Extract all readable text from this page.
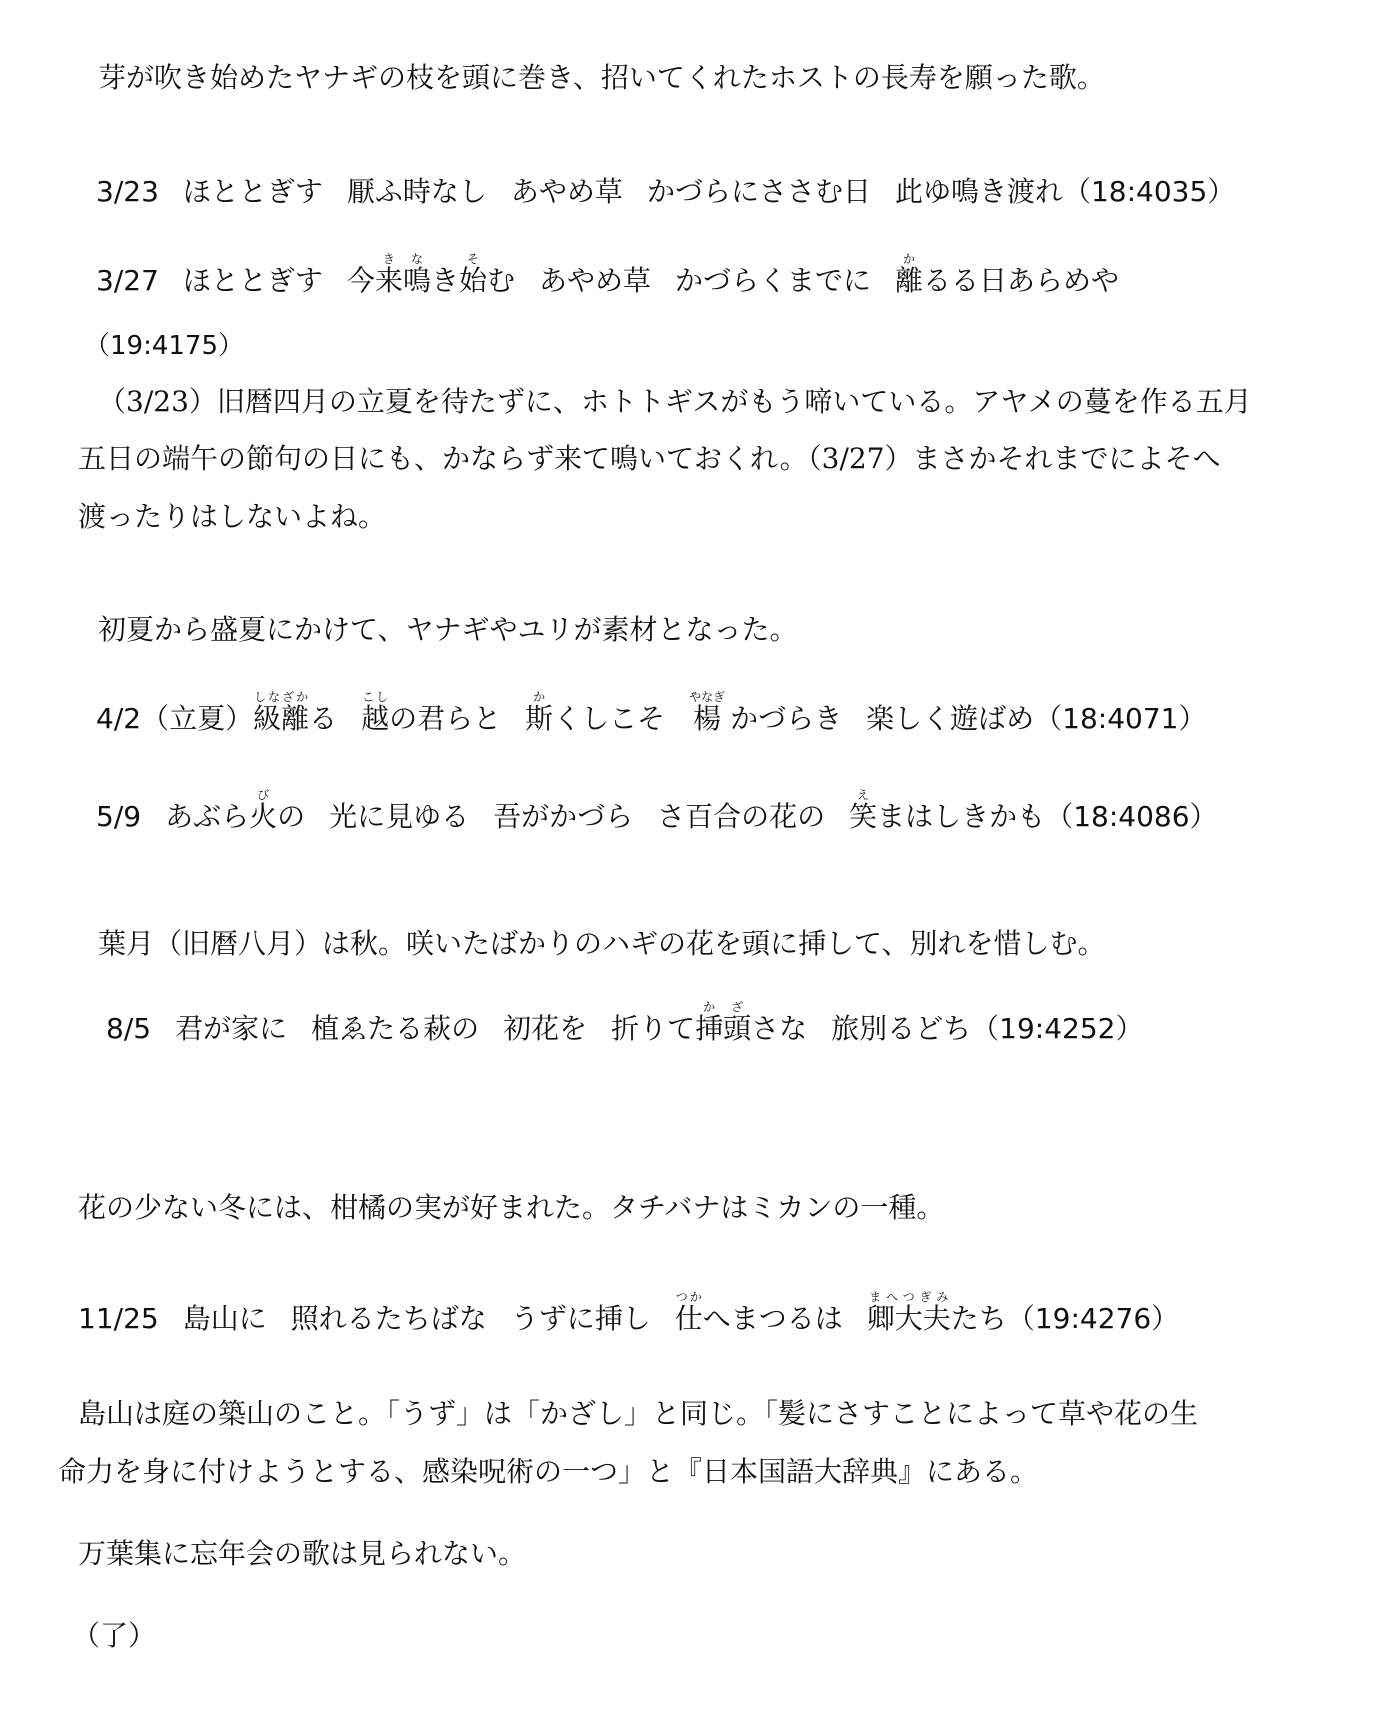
芽が吹き始めたヤナギの枝を頭に巻き、招いてくれたホストの長寿を願った歌。
3/23 ほととぎす 厭ふ時なし あやめ草 かづらにささむ日 此ゆ鳴き渡れ（18:4035）
3/27 ほととぎす 今来き鳴なき始そむ あやめ草 かづらくまでに 離かるる日あらめや
（19:4175）
（3/23）旧暦四月の立夏を待たずに、ホトトギスがもう啼いている。アヤメの蔓を作る五月
五日の端午の節句の日にも、かならず来て鳴いておくれ。（3/27）まさかそれまでによそへ
渡ったりはしないよね。
初夏から盛夏にかけて、ヤナギやユリが素材となった。
4/2（立夏）級離しなざかる 越こしの君らと 斯かくしこそ 楊やなぎ かづらき 楽しく遊ばめ（18:4071）
5/9 あぶら火びの 光に見ゆる 吾がかづら さ百合の花の 笑えまはしきかも（18:4086）
葉月（旧暦八月）は秋。咲いたばかりのハギの花を頭に挿して、別れを惜しむ。
8/5 君が家に 植ゑたる萩の 初花を 折りて挿頭かざさな 旅別るどち（19:4252）
花の少ない冬には、柑橘の実が好まれた。タチバナはミカンの一種。
11/25 島山に 照れるたちばな うずに挿し 仕つかへまつるは 卿大夫まへつぎみたち（19:4276）
島山は庭の築山のこと。「うず」は「かざし」と同じ。「髪にさすことによって草や花の生
命力を身に付けようとする、感染呪術の一つ」と『日本国語大辞典』にある。
万葉集に忘年会の歌は見られない。
（了）
